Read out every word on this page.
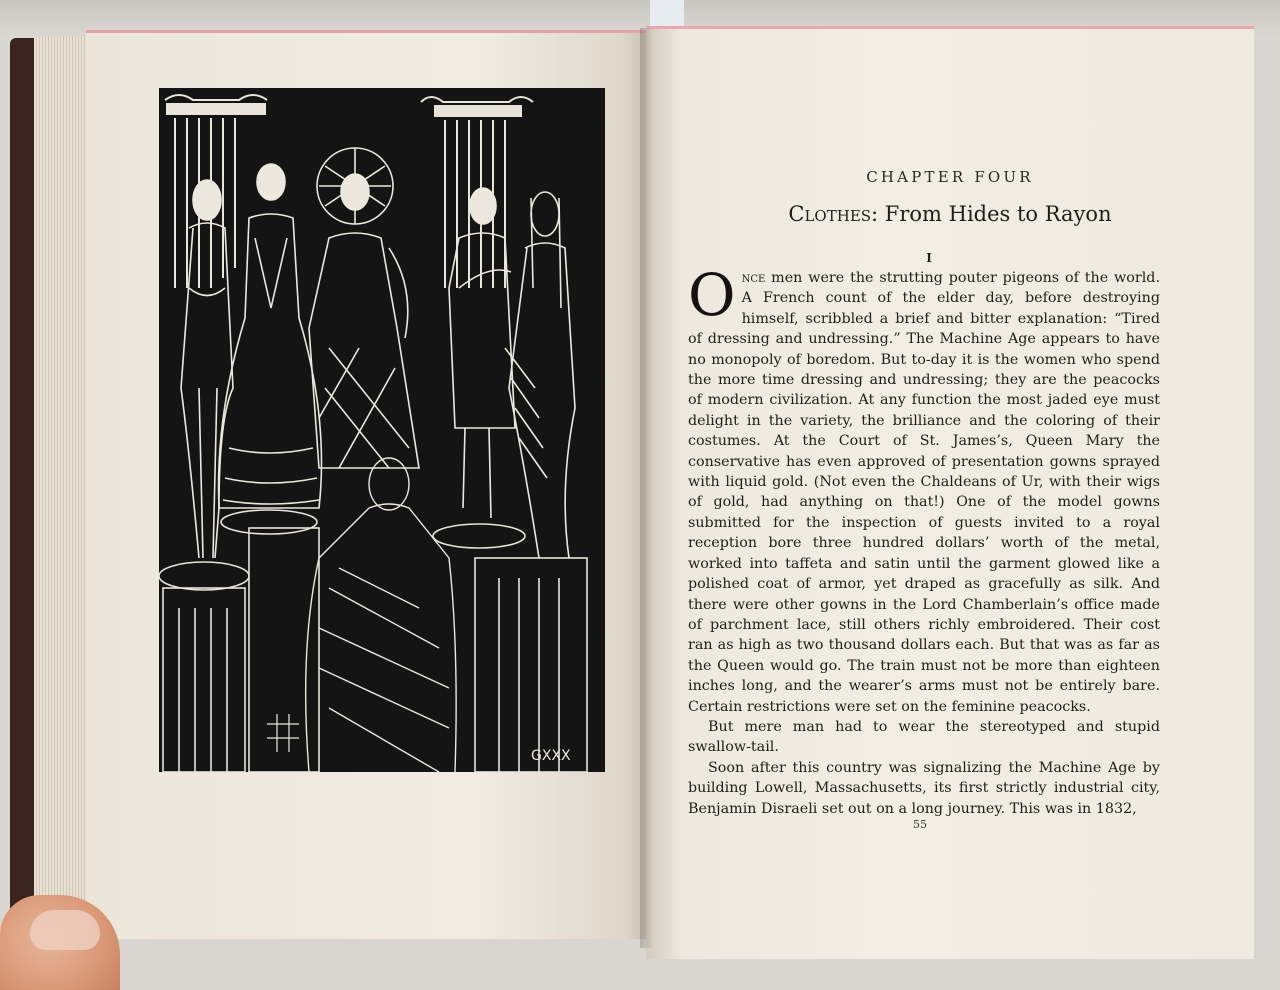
GXXX
CHAPTER FOUR
Clothes: From Hides to Rayon
I

Once men were the strutting pouter pigeons of the world. A French count of the elder day, before destroying himself, scribbled a brief and bitter explanation: “Tired of dressing and undressing.” The Machine Age appears to have no monopoly of boredom. But to-day it is the women who spend the more time dressing and undressing; they are the peacocks of modern civilization. At any function the most jaded eye must delight in the variety, the brilliance and the coloring of their costumes. At the Court of St. James’s, Queen Mary the conservative has even approved of presentation gowns sprayed with liquid gold. (Not even the Chaldeans of Ur, with their wigs of gold, had anything on that!) One of the model gowns submitted for the inspection of guests invited to a royal reception bore three hundred dollars’ worth of the metal, worked into taffeta and satin until the garment glowed like a polished coat of armor, yet draped as gracefully as silk. And there were other gowns in the Lord Chamberlain’s office made of parchment lace, still others richly embroidered. Their cost ran as high as two thousand dollars each. But that was as far as the Queen would go. The train must not be more than eighteen inches long, and the wearer’s arms must not be entirely bare. Certain restrictions were set on the feminine peacocks.

But mere man had to wear the stereotyped and stupid swallow-tail.

Soon after this country was signalizing the Machine Age by building Lowell, Massachusetts, its first strictly industrial city, Benjamin Disraeli set out on a long journey. This was in 1832,

55
